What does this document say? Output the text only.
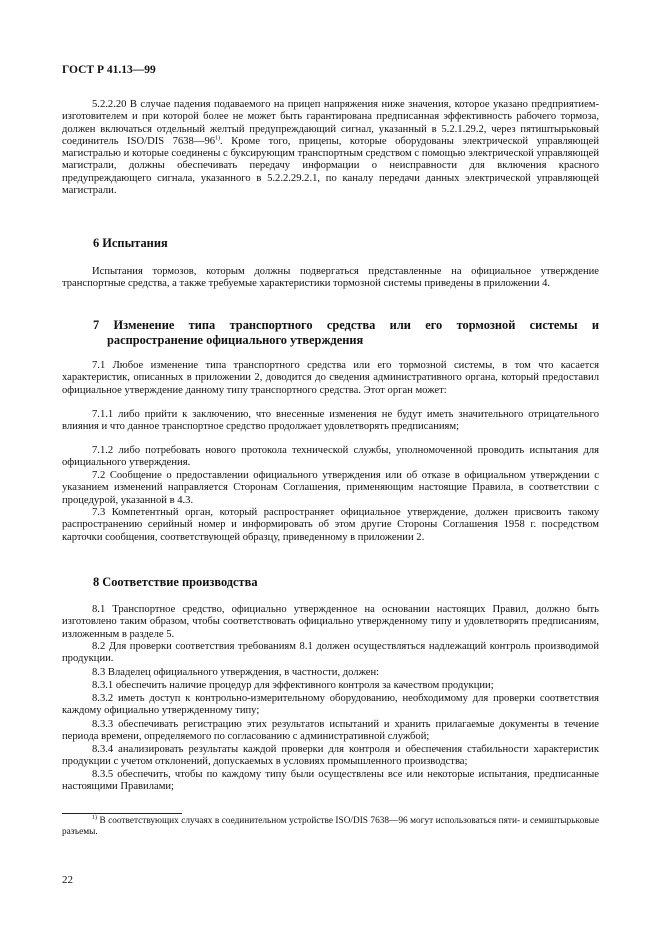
ГОСТ Р 41.13—99
5.2.2.20 В случае падения подаваемого на прицеп напряжения ниже значения, которое указано предприятием-изготовителем и при которой более не может быть гарантирована предписанная эффективность рабочего тормоза, должен включаться отдельный желтый предупреждающий сигнал, указанный в 5.2.1.29.2, через пятиштырьковый соединитель ISO/DIS 7638—96$^{1)}$. Кроме того, прицепы, которые оборудованы электрической управляющей магистралью и которые соединены с буксирующим транспортным средством с помощью электрической управляющей магистрали, должны обеспечивать передачу информации о неисправности для включения красного предупреждающего сигнала, указанного в 5.2.2.29.2.1, по каналу передачи данных электрической управляющей магистрали.
6 Испытания
Испытания тормозов, которым должны подвергаться представленные на официальное утверждение транспортные средства, а также требуемые характеристики тормозной системы приведены в приложении 4.
7 Изменение типа транспортного средства или его тормозной системы и
распространение официального утверждения
7.1 Любое изменение типа транспортного средства или его тормозной системы, в том что касается характеристик, описанных в приложении 2, доводится до сведения административного органа, который предоставил официальное утверждение данному типу транспортного средства. Этот орган может:
7.1.1 либо прийти к заключению, что внесенные изменения не будут иметь значительного отрицательного влияния и что данное транспортное средство продолжает удовлетворять предписаниям;
7.1.2 либо потребовать нового протокола технической службы, уполномоченной проводить испытания для официального утверждения.
7.2 Сообщение о предоставлении официального утверждения или об отказе в официальном утверждении с указанием изменений направляется Сторонам Соглашения, применяющим настоящие Правила, в соответствии с процедурой, указанной в 4.3.
7.3 Компетентный орган, который распространяет официальное утверждение, должен присвоить такому распространению серийный номер и информировать об этом другие Стороны Соглашения 1958 г. посредством карточки сообщения, соответствующей образцу, приведенному в приложении 2.
8 Соответствие производства
8.1 Транспортное средство, официально утвержденное на основании настоящих Правил, должно быть изготовлено таким образом, чтобы соответствовать официально утвержденному типу и удовлетворять предписаниям, изложенным в разделе 5.
8.2 Для проверки соответствия требованиям 8.1 должен осуществляться надлежащий контроль производимой продукции.
8.3 Владелец официального утверждения, в частности, должен:
8.3.1 обеспечить наличие процедур для эффективного контроля за качеством продукции;
8.3.2 иметь доступ к контрольно-измерительному оборудованию, необходимому для проверки соответствия каждому официально утвержденному типу;
8.3.3 обеспечивать регистрацию этих результатов испытаний и хранить прилагаемые документы в течение периода времени, определяемого по согласованию с административной службой;
8.3.4 анализировать результаты каждой проверки для контроля и обеспечения стабильности характеристик продукции с учетом отклонений, допускаемых в условиях промышленного производства;
8.3.5 обеспечить, чтобы по каждому типу были осуществлены все или некоторые испытания, предписанные настоящими Правилами;
$^{1)}$ В соответствующих случаях в соединительном устройстве ISO/DIS 7638—96 могут использоваться пяти- и семиштырьковые разъемы.
22
